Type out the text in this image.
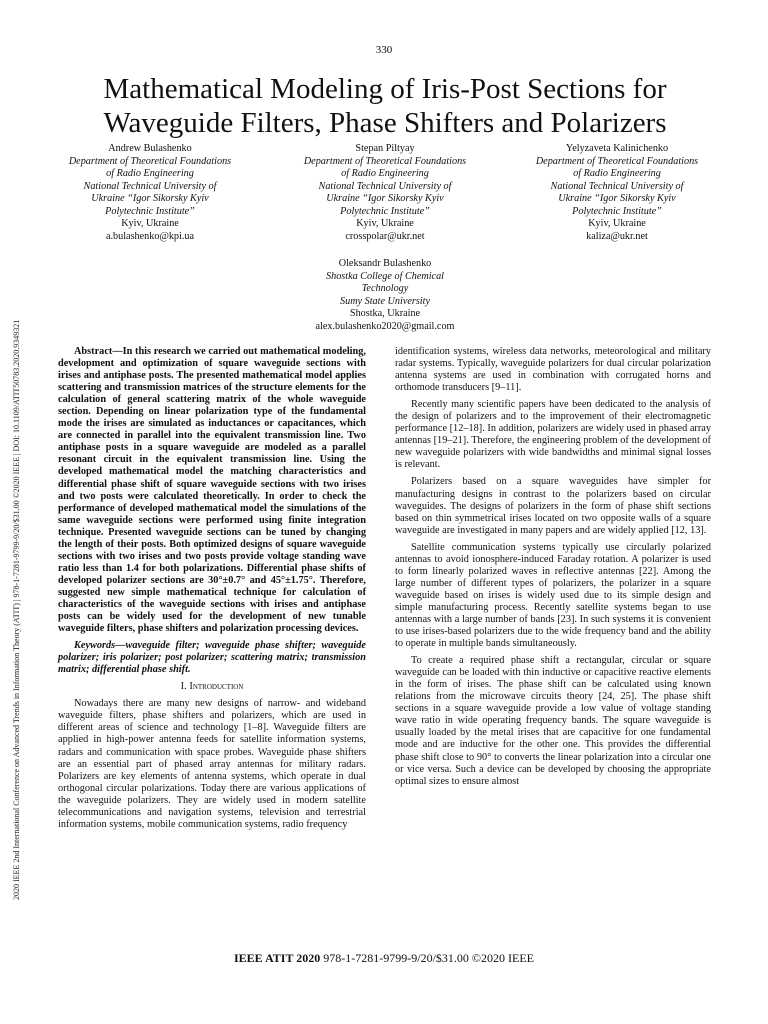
330
2020 IEEE 2nd International Conference on Advanced Trends in Information Theory (ATIT) | 978-1-7281-9799-9/20/$31.00 ©2020 IEEE | DOI: 10.1109/ATIT50783.2020.9349321
Mathematical Modeling of Iris-Post Sections for Waveguide Filters, Phase Shifters and Polarizers
Andrew Bulashenko
Department of Theoretical Foundations
of Radio Engineering
National Technical University of
Ukraine “Igor Sikorsky Kyiv
Polytechnic Institute”
Kyiv, Ukraine
a.bulashenko@kpi.ua
Stepan Piltyay
Department of Theoretical Foundations
of Radio Engineering
National Technical University of
Ukraine “Igor Sikorsky Kyiv
Polytechnic Institute”
Kyiv, Ukraine
crosspolar@ukr.net
Yelyzaveta Kalinichenko
Department of Theoretical Foundations
of Radio Engineering
National Technical University of
Ukraine “Igor Sikorsky Kyiv
Polytechnic Institute”
Kyiv, Ukraine
kaliza@ukr.net
Oleksandr Bulashenko
Shostka College of Chemical
Technology
Sumy State University
Shostka, Ukraine
alex.bulashenko2020@gmail.com

Abstract—In this research we carried out mathematical modeling, development and optimization of square waveguide sections with irises and antiphase posts. The presented mathematical model applies scattering and transmission matrices of the structure elements for the calculation of general scattering matrix of the whole waveguide section. Depending on linear polarization type of the fundamental mode the irises are simulated as inductances or capacitances, which are connected in parallel into the equivalent transmission line. Two antiphase posts in a square waveguide are modeled as a parallel resonant circuit in the equivalent transmission line. Using the developed mathematical model the matching characteristics and differential phase shift of square waveguide sections with two irises and two posts were calculated theoretically. In order to check the performance of developed mathematical model the simulations of the same waveguide sections were performed using finite integration technique. Presented waveguide sections can be tuned by changing the length of their posts. Both optimized designs of square waveguide sections with two irises and two posts provide voltage standing wave ratio less than 1.4 for both polarizations. Differential phase shifts of developed polarizer sections are 30°±0.7° and 45°±1.75°. Therefore, suggested new simple mathematical technique for calculation of characteristics of the waveguide sections with irises and antiphase posts can be widely used for the development of new tunable waveguide filters, phase shifters and polarization processing devices.

Keywords—waveguide filter; waveguide phase shifter; waveguide polarizer; iris polarizer; post polarizer; scattering matrix; transmission matrix; differential phase shift.

I. Introduction

Nowadays there are many new designs of narrow- and wideband waveguide filters, phase shifters and polarizers, which are used in different areas of science and technology [1–8]. Waveguide filters are applied in high-power antenna feeds for satellite information systems, radars and communication with space probes. Waveguide phase shifters are an essential part of phased array antennas for military radars. Polarizers are key elements of antenna systems, which operate in dual orthogonal circular polarizations. Today there are various applications of the waveguide polarizers. They are widely used in modern satellite telecommunications and navigation systems, television and terrestrial information systems, mobile communication systems, radio frequency

identification systems, wireless data networks, meteorological and military radar systems. Typically, waveguide polarizers for dual circular polarization antenna systems are used in combination with corrugated horns and orthomode transducers [9–11].

Recently many scientific papers have been dedicated to the analysis of the design of polarizers and to the improvement of their electromagnetic performance [12–18]. In addition, polarizers are widely used in phased array antennas [19–21]. Therefore, the engineering problem of the development of new waveguide polarizers with wide bandwidths and minimal signal losses is relevant.

Polarizers based on a square waveguides have simpler for manufacturing designs in contrast to the polarizers based on circular waveguides. The designs of polarizers in the form of phase shift sections based on thin symmetrical irises located on two opposite walls of a square waveguide are investigated in many papers and are widely applied [12, 13].

Satellite communication systems typically use circularly polarized antennas to avoid ionosphere-induced Faraday rotation. A polarizer is used to form linearly polarized waves in reflective antennas [22]. Among the large number of different types of polarizers, the polarizer in a square waveguide based on irises is widely used due to its simple design and simple manufacturing process. Recently satellite systems began to use antennas with a large number of bands [23]. In such systems it is convenient to use irises-based polarizers due to the wide frequency band and the ability to operate in multiple bands simultaneously.

To create a required phase shift a rectangular, circular or square waveguide can be loaded with thin inductive or capacitive reactive elements in the form of irises. The phase shift can be calculated using known relations from the microwave circuits theory [24, 25]. The phase shift sections in a square waveguide provide a low value of voltage standing wave ratio in wide operating frequency bands. The square waveguide is usually loaded by the metal irises that are capacitive for one fundamental mode and are inductive for the other one. This provides the differential phase shift close to 90° to converts the linear polarization into a circular one or vice versa. Such a device can be developed by choosing the appropriate optimal sizes to ensure almost

IEEE ATIT 2020 978-1-7281-9799-9/20/$31.00 ©2020 IEEE
